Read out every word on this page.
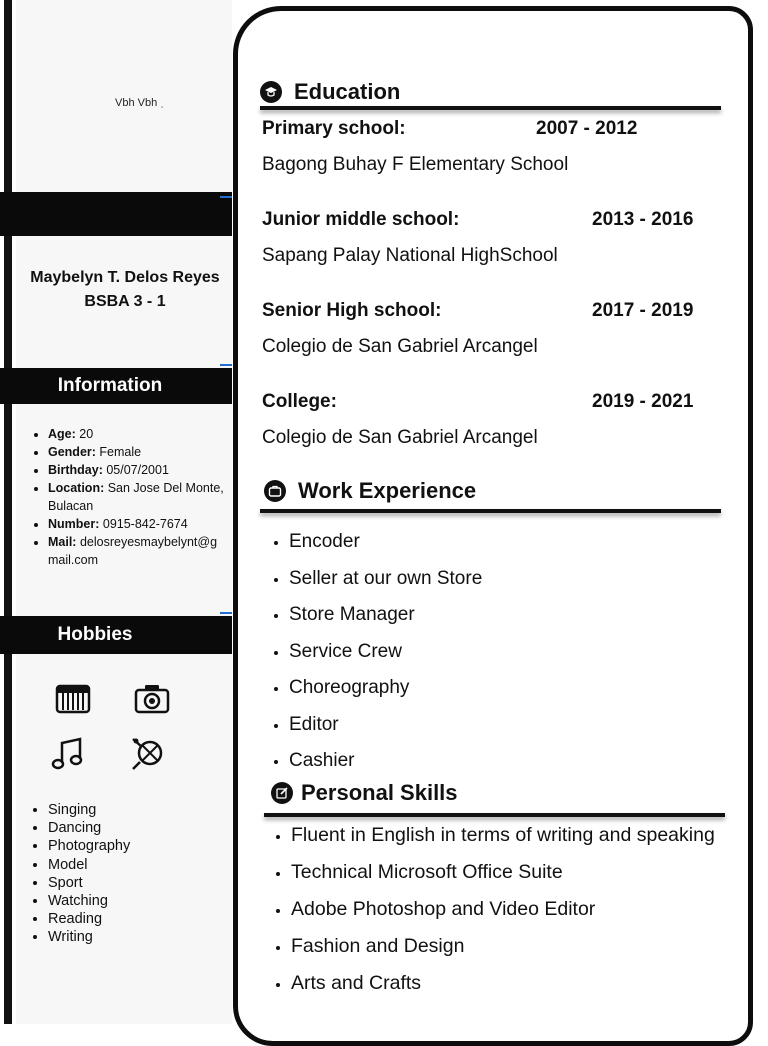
Vbh Vbh ˌ
Maybelyn T. Delos Reyes
BSBA 3 - 1
Information
• Age: 20
• Gender: Female
• Birthday: 05/07/2001
• Location: San Jose Del Monte, Bulacan
• Number: 0915-842-7674
• Mail: delosreyesmaybelynt@gmail.com
Hobbies
• Singing
• Dancing
• Photography
• Model
• Sport
• Watching
• Reading
• Writing
Education
Primary school:	2007 - 2012
Bagong Buhay F Elementary School
Junior middle school:	2013 - 2016
Sapang Palay National HighSchool
Senior High school:	2017 - 2019
Colegio de San Gabriel Arcangel
College:	2019 - 2021
Colegio de San Gabriel Arcangel
Work Experience
• Encoder
• Seller at our own Store
• Store Manager
• Service Crew
• Choreography
• Editor
• Cashier
Personal Skills
• Fluent in English in terms of writing and speaking
• Technical Microsoft Office Suite
• Adobe Photoshop and Video Editor
• Fashion and Design
• Arts and Crafts
